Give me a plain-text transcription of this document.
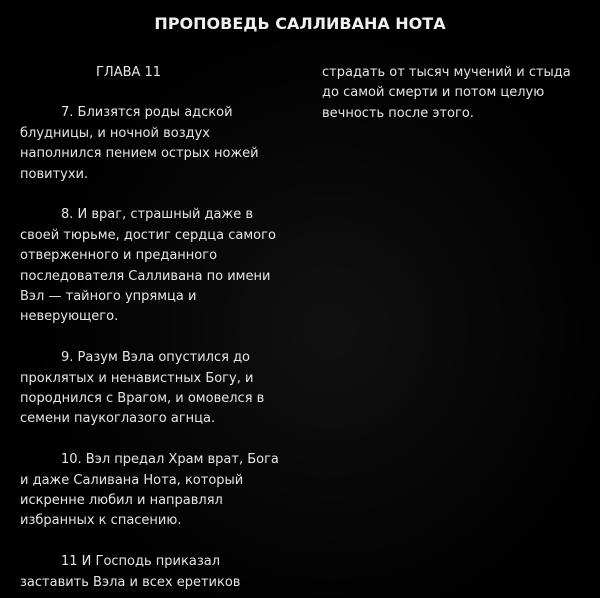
ПРОПОВЕДЬ САЛЛИВАНА НОТА
ГЛАВА 11
7. Близятся роды адской
блудницы, и ночной воздух
наполнился пением острых ножей
повитухи.
8. И враг, страшный даже в
своей тюрьме, достиг сердца самого
отверженного и преданного
последователя Салливана по имени
Вэл — тайного упрямца и
неверующего.
9. Разум Вэла опустился до
проклятых и ненавистных Богу, и
породнился с Врагом, и омовелся в
семени паукоглазого агнца.
10. Вэл предал Храм врат, Бога
и даже Саливана Нота, который
искренне любил и направлял
избранных к спасению.
11 И Господь приказал
заставить Вэла и всех еретиков
страдать от тысяч мучений и стыда
до самой смерти и потом целую
вечность после этого.
